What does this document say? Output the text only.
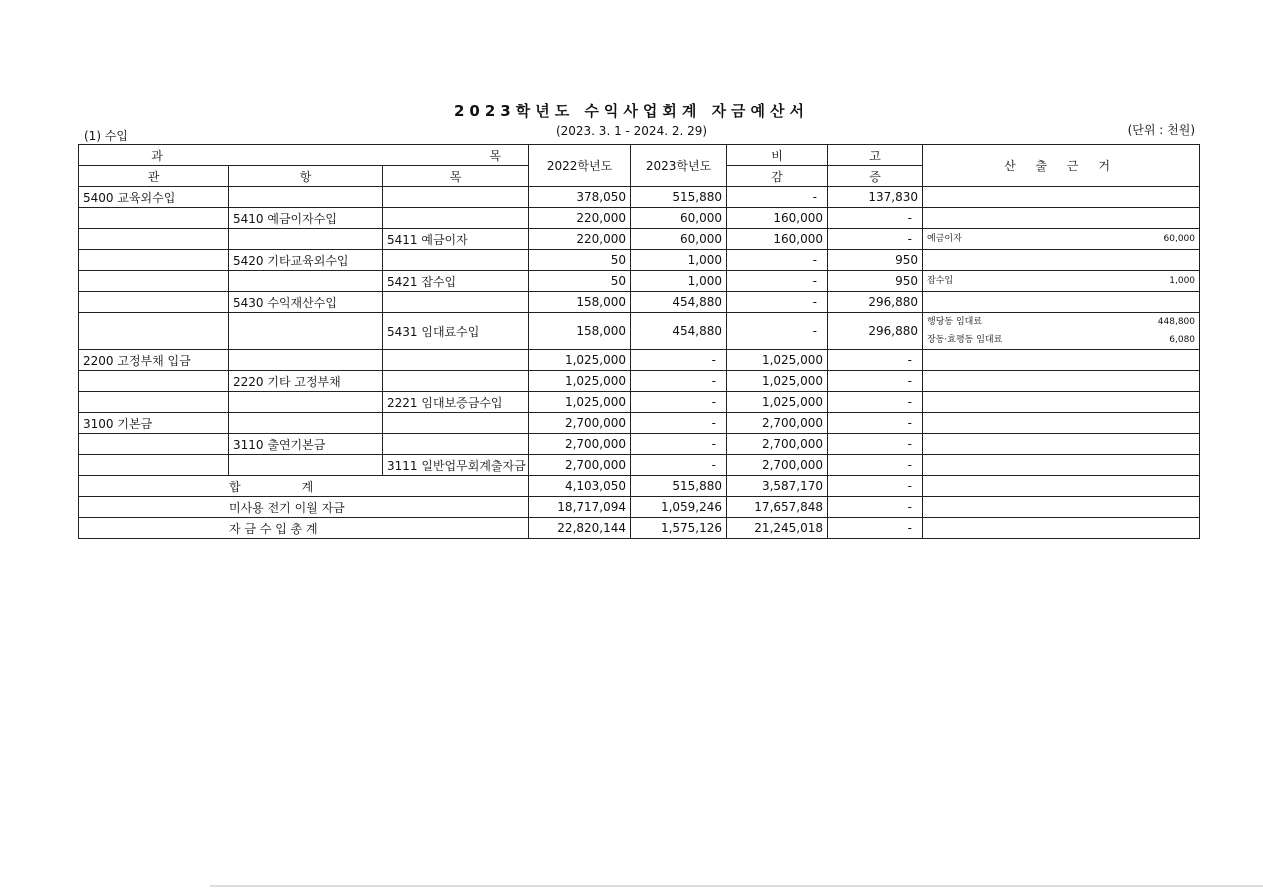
2023학년도 수익사업회계 자금예산서
(2023. 3. 1 - 2024. 2. 29)
(1) 수입	(단위 : 천원)
과 목			2022학년도	2023학년도	비	고	산 출 근 거
관	항	목			감	증	
5400 교육외수입			378,050	515,880	-	137,830	
	5410 예금이자수입		220,000	60,000	160,000	-	
		5411 예금이자	220,000	60,000	160,000	-	예금이자 60,000

	5420 기타교육외수입		50	1,000	-	950	
		5421 잡수입	50	1,000	-	950	잡수입 1,000

	5430 수익재산수입		158,000	454,880	-	296,880	
		5431 임대료수입	158,000	454,880	-	296,880	행당동 임대료 448,800
장동·효평동 임대료 6,080

2200 고정부채 입금			1,025,000	-	1,025,000	-	
	2220 기타 고정부채		1,025,000	-	1,025,000	-	
		2221 임대보증금수입	1,025,000	-	1,025,000	-	
3100 기본금			2,700,000	-	2,700,000	-	
	3110 출연기본금		2,700,000	-	2,700,000	-	
		3111 일반업무회계출자금	2,700,000	-	2,700,000	-	
합                계			4,103,050	515,880	3,587,170	-	
미사용 전기 이월 자금			18,717,094	1,059,246	17,657,848	-	
자 금 수 입 총 계			22,820,144	1,575,126	21,245,018	-	
